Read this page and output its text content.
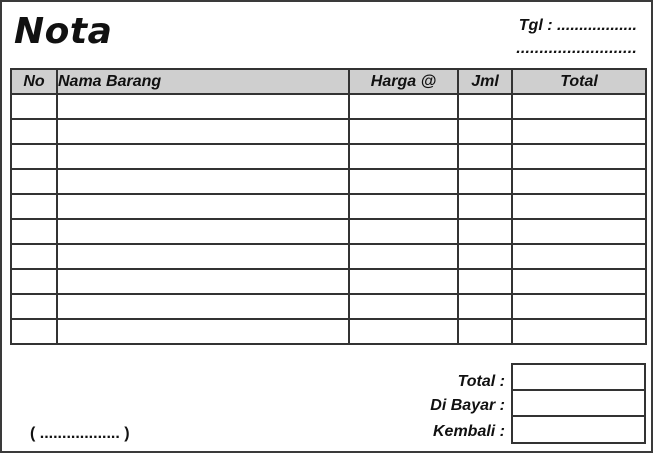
Nota	Tgl : ..................
..........................
No	Nama Barang	Harga @	Jml	Total

Total :
Di Bayar :
Kembali :
( .................. )
